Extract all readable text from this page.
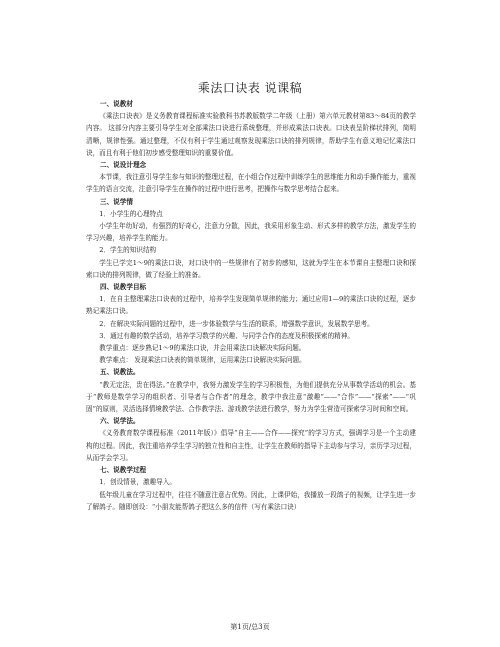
乘法口诀表 说课稿

一、说教材

《乘法口诀表》是义务教育课程标准实验教科书苏教版数学二年级（上册）第六单元教材第83～84页的教学内容。 这部分内容主要引导学生对全部乘法口诀进行系统整理，并形成乘法口诀表。口诀表呈阶梯状排列，简明清晰，规律性强。通过整理，不仅有利于学生通过观察发现乘法口诀的排列规律，帮助学生有意义地记忆乘法口诀，而且有利于他们初步感受整理知识的重要价值。

二、说设计理念

本节课，我注意引导学生参与知识的整理过程，在小组合作过程中训练学生的思维能力和动手操作能力，重视学生的语言交流，注意引导学生在操作的过程中进行思考，把操作与数学思考结合起来。

三、说学情

1．小学生的心理特点

小学生年幼好动，有强烈的好奇心，注意力分散，因此，我采用形象生动、形式多样的教学方法，激发学生的学习兴趣，培养学生的能力。

2．学生的知识结构

学生已学完1～9的乘法口诀，对口诀中的一些规律有了初步的感知，这就为学生在本节课自主整理口诀和探索口诀的排列规律，做了经验上的准备。

四、说教学目标

1．在自主整理乘法口诀表的过程中，培养学生发现简单规律的能力；通过应用1—9的乘法口诀的过程，逐步熟记乘法口诀。

2．在解决实际问题的过程中，进一步体验数学与生活的联系，增强数学意识，发展数学思考。

3．通过有趣的数学活动，培养学习数学的兴趣、与同学合作的态度及积极探索的精神。

教学重点：逐步熟记1～9的乘法口诀，并会用乘法口诀解决实际问题。

教学难点： 发现乘法口诀表的简单规律，运用乘法口诀解决实际问题。

五、说教法。

“教无定法，贵在得法。”在教学中，我努力激发学生的学习积极性，为他们提供充分从事数学活动的机会。基于“教师是数学学习的组织者、引导者与合作者”的理念，教学中我注意“激趣”——“合作”——“探索”——“巩固”的原则，灵活选择情境教学法、合作教学法、游戏教学法进行教学，努力为学生营造可探索学习时间和空间。

六、说学法。

《义务教育数学课程标准（2011年版）》倡导“自主——合作——探究”的学习方式，强调学习是一个主动建构的过程。因此，我注重培养学生学习的独立性和自主性，让学生在教师的指导下主动参与学习，亲历学习过程，从而学会学习。

七、说教学过程

1．创设情景，激趣导入。

低年级儿童在学习过程中，往往不随意注意占优势。因此，上课伊始，我播放一段鸽子的视频，让学生进一步了解鸽子。随即创设：“小朋友能帮鸽子把这么多的信件（写有乘法口诀）

第1页/总3页
